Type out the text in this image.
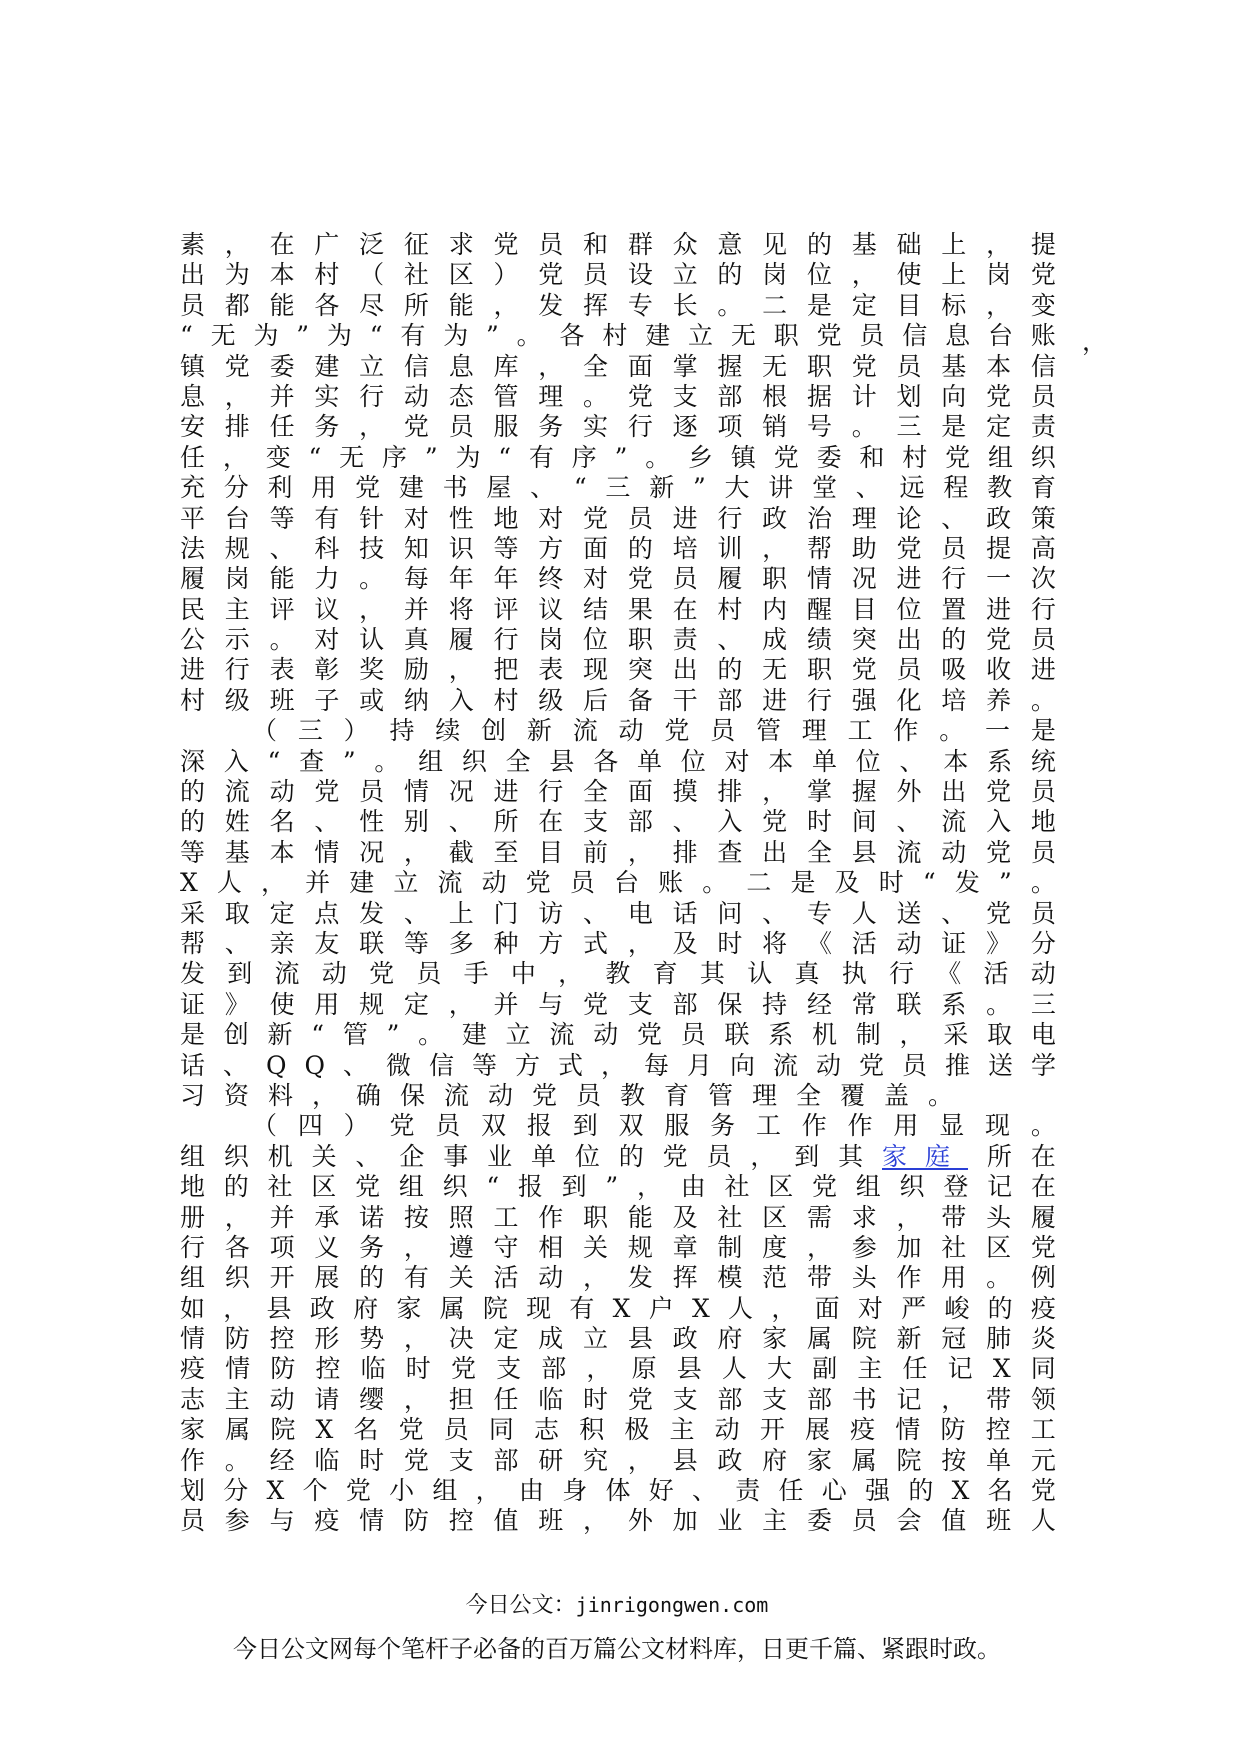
素 ， 在 广 泛 征 求 党 员 和 群 众 意 见 的 基 础 上 ， 提
出 为 本 村 （ 社 区 ） 党 员 设 立 的 岗 位 ， 使 上 岗 党
员 都 能 各 尽 所 能 ， 发 挥 专 长 。 二 是 定 目 标 ， 变
“ 无 为 ” 为 “ 有 为 ” 。 各 村 建 立 无 职 党 员 信 息 台 账
镇 党 委 建 立 信 息 库 ， 全 面 掌 握 无 职 党 员 基 本 信
息 ， 并 实 行 动 态 管 理 。 党 支 部 根 据 计 划 向 党 员
安 排 任 务 ， 党 员 服 务 实 行 逐 项 销 号 。 三 是 定 责
任 ， 变 “ 无 序 ” 为 “ 有 序 ” 。 乡 镇 党 委 和 村 党 组 织
充 分 利 用 党 建 书 屋 、 “ 三 新 ” 大 讲 堂 、 远 程 教 育
平 台 等 有 针 对 性 地 对 党 员 进 行 政 治 理 论 、 政 策
法 规 、 科 技 知 识 等 方 面 的 培 训 ， 帮 助 党 员 提 高
履 岗 能 力 。 每 年 年 终 对 党 员 履 职 情 况 进 行 一 次
民 主 评 议 ， 并 将 评 议 结 果 在 村 内 醒 目 位 置 进 行
公 示 。 对 认 真 履 行 岗 位 职 责 、 成 绩 突 出 的 党 员
进 行 表 彰 奖 励 ， 把 表 现 突 出 的 无 职 党 员 吸 收 进
村 级 班 子 或 纳 入 村 级 后 备 干 部 进 行 强 化 培 养 。
（ 三 ） 持 续 创 新 流 动 党 员 管 理 工 作 。 一 是
深 入 “ 查 ” 。 组 织 全 县 各 单 位 对 本 单 位 、 本 系 统
的 流 动 党 员 情 况 进 行 全 面 摸 排 ， 掌 握 外 出 党 员
的 姓 名 、 性 别 、 所 在 支 部 、 入 党 时 间 、 流 入 地
等 基 本 情 况 ， 截 至 目 前 ， 排 查 出 全 县 流 动 党 员
X 人 ， 并 建 立 流 动 党 员 台 账 。 二 是 及 时 “ 发 ” 。
采 取 定 点 发 、 上 门 访 、 电 话 问 、 专 人 送 、 党 员
帮 、 亲 友 联 等 多 种 方 式 ， 及 时 将 《 活 动 证 》 分
发 到 流 动 党 员 手 中 ， 教 育 其 认 真 执 行 《 活 动
证 》 使 用 规 定 ， 并 与 党 支 部 保 持 经 常 联 系 。 三
是 创 新 “ 管 ” 。 建 立 流 动 党 员 联 系 机 制 ， 采 取 电
话 、 Q Q 、 微 信 等 方 式 ， 每 月 向 流 动 党 员 推 送 学
习资料，确保流动党员教育管理全覆盖。
（ 四 ） 党 员 双 报 到 双 服 务 工 作 作 用 显 现 。
组 织 机 关 、 企 事 业 单 位 的 党 员 ， 到 其 家庭 所 在
地 的 社 区 党 组 织 “ 报 到 ” ， 由 社 区 党 组 织 登 记 在
册 ， 并 承 诺 按 照 工 作 职 能 及 社 区 需 求 ， 带 头 履
行 各 项 义 务 ， 遵 守 相 关 规 章 制 度 ， 参 加 社 区 党
组 织 开 展 的 有 关 活 动 ， 发 挥 模 范 带 头 作 用 。 例
如 ， 县 政 府 家 属 院 现 有 X 户 X 人 ， 面 对 严 峻 的 疫
情 防 控 形 势 ， 决 定 成 立 县 政 府 家 属 院 新 冠 肺 炎
疫 情 防 控 临 时 党 支 部 ， 原 县 人 大 副 主 任 记 X 同
志 主 动 请 缨 ， 担 任 临 时 党 支 部 支 部 书 记 ， 带 领
家 属 院 X 名 党 员 同 志 积 极 主 动 开 展 疫 情 防 控 工
作 。 经 临 时 党 支 部 研 究 ， 县 政 府 家 属 院 按 单 元
划 分 X 个 党 小 组 ， 由 身 体 好 、 责 任 心 强 的 X 名 党
员 参 与 疫 情 防 控 值 班 ， 外 加 业 主 委 员 会 值 班 人
，
今日公文：jinrigongwen.com
今日公文网每个笔杆子必备的百万篇公文材料库，日更千篇、紧跟时政。
